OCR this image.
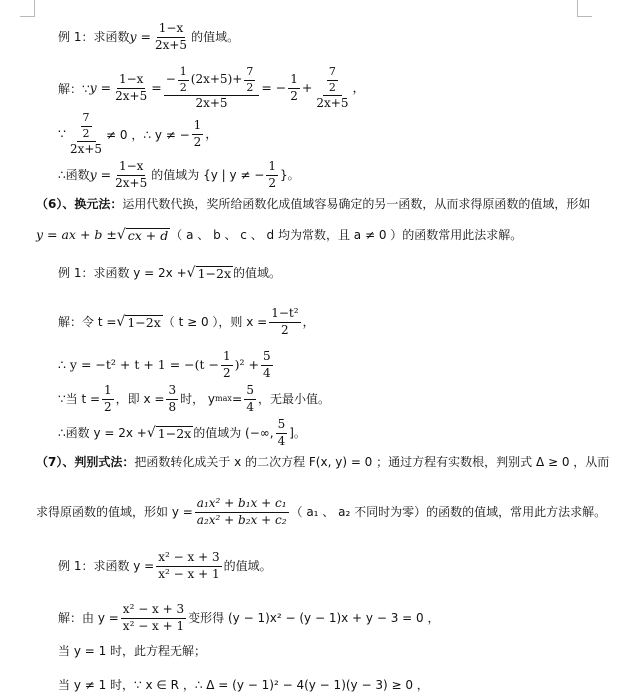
例 1：求函数 $y = \frac{1-x}{2x+5}$ 的值域。
解：∵ $y = \frac{1-x}{2x+5} = \frac{- \frac{1}{2} (2x+5)+ \frac{7}{2}}{2x+5}$ = − $\frac{1}{2} + \frac{\frac{7}{2}}{2x+5}$ ，
∵ $\frac{\frac{7}{2}}{2x+5} \ne 0$ ，∴ y ≠ − $\frac{1}{2}$ ，
∴函数 $y = \frac{1-x}{2x+5}$ 的值域为 {y | y ≠ − $\frac{1}{2}$ }。
（6）、换元法： 运用代数代换，奖所给函数化成值域容易确定的另一函数，从而求得原函数的值域，形如
y = ax + b ± √ cx + d （ a 、 b 、 c 、 d 均为常数，且 a ≠ 0 ）的函数常用此法求解。
例 1：求函数 y = 2x + √ 1−2x 的值域。
解：令 t = √ 1−2x （ t ≥ 0 ），则 $x = \frac{\text{1−t²}}{2}$ ，
∴ $y = -t^2 + t + 1 = -(t - \frac{1}{2} )^2 + \frac{5}{4}$
∵当 $t = \frac{1}{2}$ ，即 $x = \frac{3}{8}$ 时， y $\max = \frac{5}{4}$ ，无最小值。
∴函数 y = 2x + √ 1−2x 的值域为 (−∞, $\frac{5}{4}$ ]。
（7）、判别式法： 把函数转化成关于 x 的二次方程 F(x, y) = 0 ；通过方程有实数根，判别式 Δ ≥ 0 ，从而
求得原函数的值域，形如 $y = \frac{\text{a₁x² + b₁x + c₁}}{\text{a₂x² + b₂x + c₂}}$ （ a₁ 、 a₂ 不同时为零）的函数的值域，常用此方法求解。
例 1：求函数 $y = \frac{\text{x² − x + 3}}{\text{x² − x + 1}}$ 的值域。
解：由 $y = \frac{\text{x² − x + 3}}{\text{x² − x + 1}}$ 变形得 (y − 1)x² − (y − 1)x + y − 3 = 0 ，
当 y = 1 时，此方程无解；
当 y ≠ 1 时，∵ x ∈ R ，∴ Δ = (y − 1)² − 4(y − 1)(y − 3) ≥ 0 ，
